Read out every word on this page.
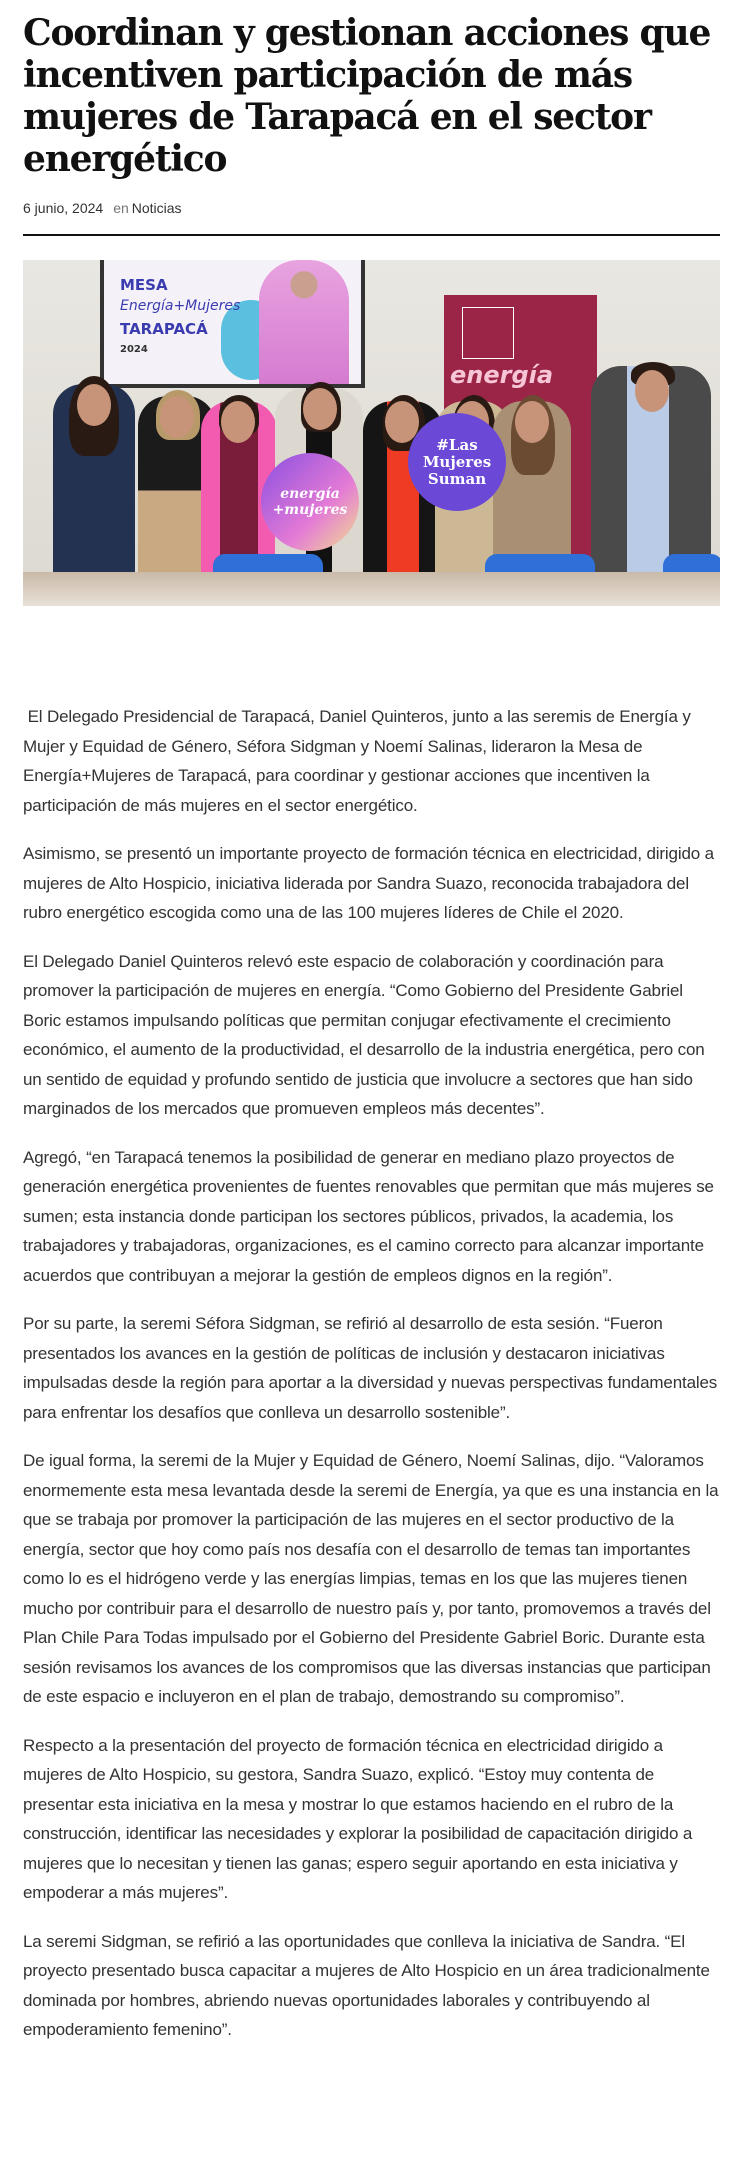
Coordinan y gestionan acciones que incentiven participación de más mujeres de Tarapacá en el sector energético
6 junio, 2024 en Noticias
MESA
Energía+Mujeres
TARAPACÁ
2024
energía
energía +mujeres
#Las Mujeres Suman

El Delegado Presidencial de Tarapacá, Daniel Quinteros, junto a las seremis de Energía y Mujer y Equidad de Género, Séfora Sidgman y Noemí Salinas, lideraron la Mesa de Energía+Mujeres de Tarapacá, para coordinar y gestionar acciones que incentiven la participación de más mujeres en el sector energético.

Asimismo, se presentó un importante proyecto de formación técnica en electricidad, dirigido a mujeres de Alto Hospicio, iniciativa liderada por Sandra Suazo, reconocida trabajadora del rubro energético escogida como una de las 100 mujeres líderes de Chile el 2020.

El Delegado Daniel Quinteros relevó este espacio de colaboración y coordinación para promover la participación de mujeres en energía. “Como Gobierno del Presidente Gabriel Boric estamos impulsando políticas que permitan conjugar efectivamente el crecimiento económico, el aumento de la productividad, el desarrollo de la industria energética, pero con un sentido de equidad y profundo sentido de justicia que involucre a sectores que han sido marginados de los mercados que promueven empleos más decentes”.

Agregó, “en Tarapacá tenemos la posibilidad de generar en mediano plazo proyectos de generación energética provenientes de fuentes renovables que permitan que más mujeres se sumen; esta instancia donde participan los sectores públicos, privados, la academia, los trabajadores y trabajadoras, organizaciones, es el camino correcto para alcanzar importante acuerdos que contribuyan a mejorar la gestión de empleos dignos en la región”.

Por su parte, la seremi Séfora Sidgman, se refirió al desarrollo de esta sesión. “Fueron presentados los avances en la gestión de políticas de inclusión y destacaron iniciativas impulsadas desde la región para aportar a la diversidad y nuevas perspectivas fundamentales para enfrentar los desafíos que conlleva un desarrollo sostenible”.

De igual forma, la seremi de la Mujer y Equidad de Género, Noemí Salinas, dijo. “Valoramos enormemente esta mesa levantada desde la seremi de Energía, ya que es una instancia en la que se trabaja por promover la participación de las mujeres en el sector productivo de la energía, sector que hoy como país nos desafía con el desarrollo de temas tan importantes como lo es el hidrógeno verde y las energías limpias, temas en los que las mujeres tienen mucho por contribuir para el desarrollo de nuestro país y, por tanto, promovemos a través del Plan Chile Para Todas impulsado por el Gobierno del Presidente Gabriel Boric. Durante esta sesión revisamos los avances de los compromisos que las diversas instancias que participan de este espacio e incluyeron en el plan de trabajo, demostrando su compromiso”.

Respecto a la presentación del proyecto de formación técnica en electricidad dirigido a mujeres de Alto Hospicio, su gestora, Sandra Suazo, explicó. “Estoy muy contenta de presentar esta iniciativa en la mesa y mostrar lo que estamos haciendo en el rubro de la construcción, identificar las necesidades y explorar la posibilidad de capacitación dirigido a mujeres que lo necesitan y tienen las ganas; espero seguir aportando en esta iniciativa y empoderar a más mujeres”.

La seremi Sidgman, se refirió a las oportunidades que conlleva la iniciativa de Sandra. “El proyecto presentado busca capacitar a mujeres de Alto Hospicio en un área tradicionalmente dominada por hombres, abriendo nuevas oportunidades laborales y contribuyendo al empoderamiento femenino”.
